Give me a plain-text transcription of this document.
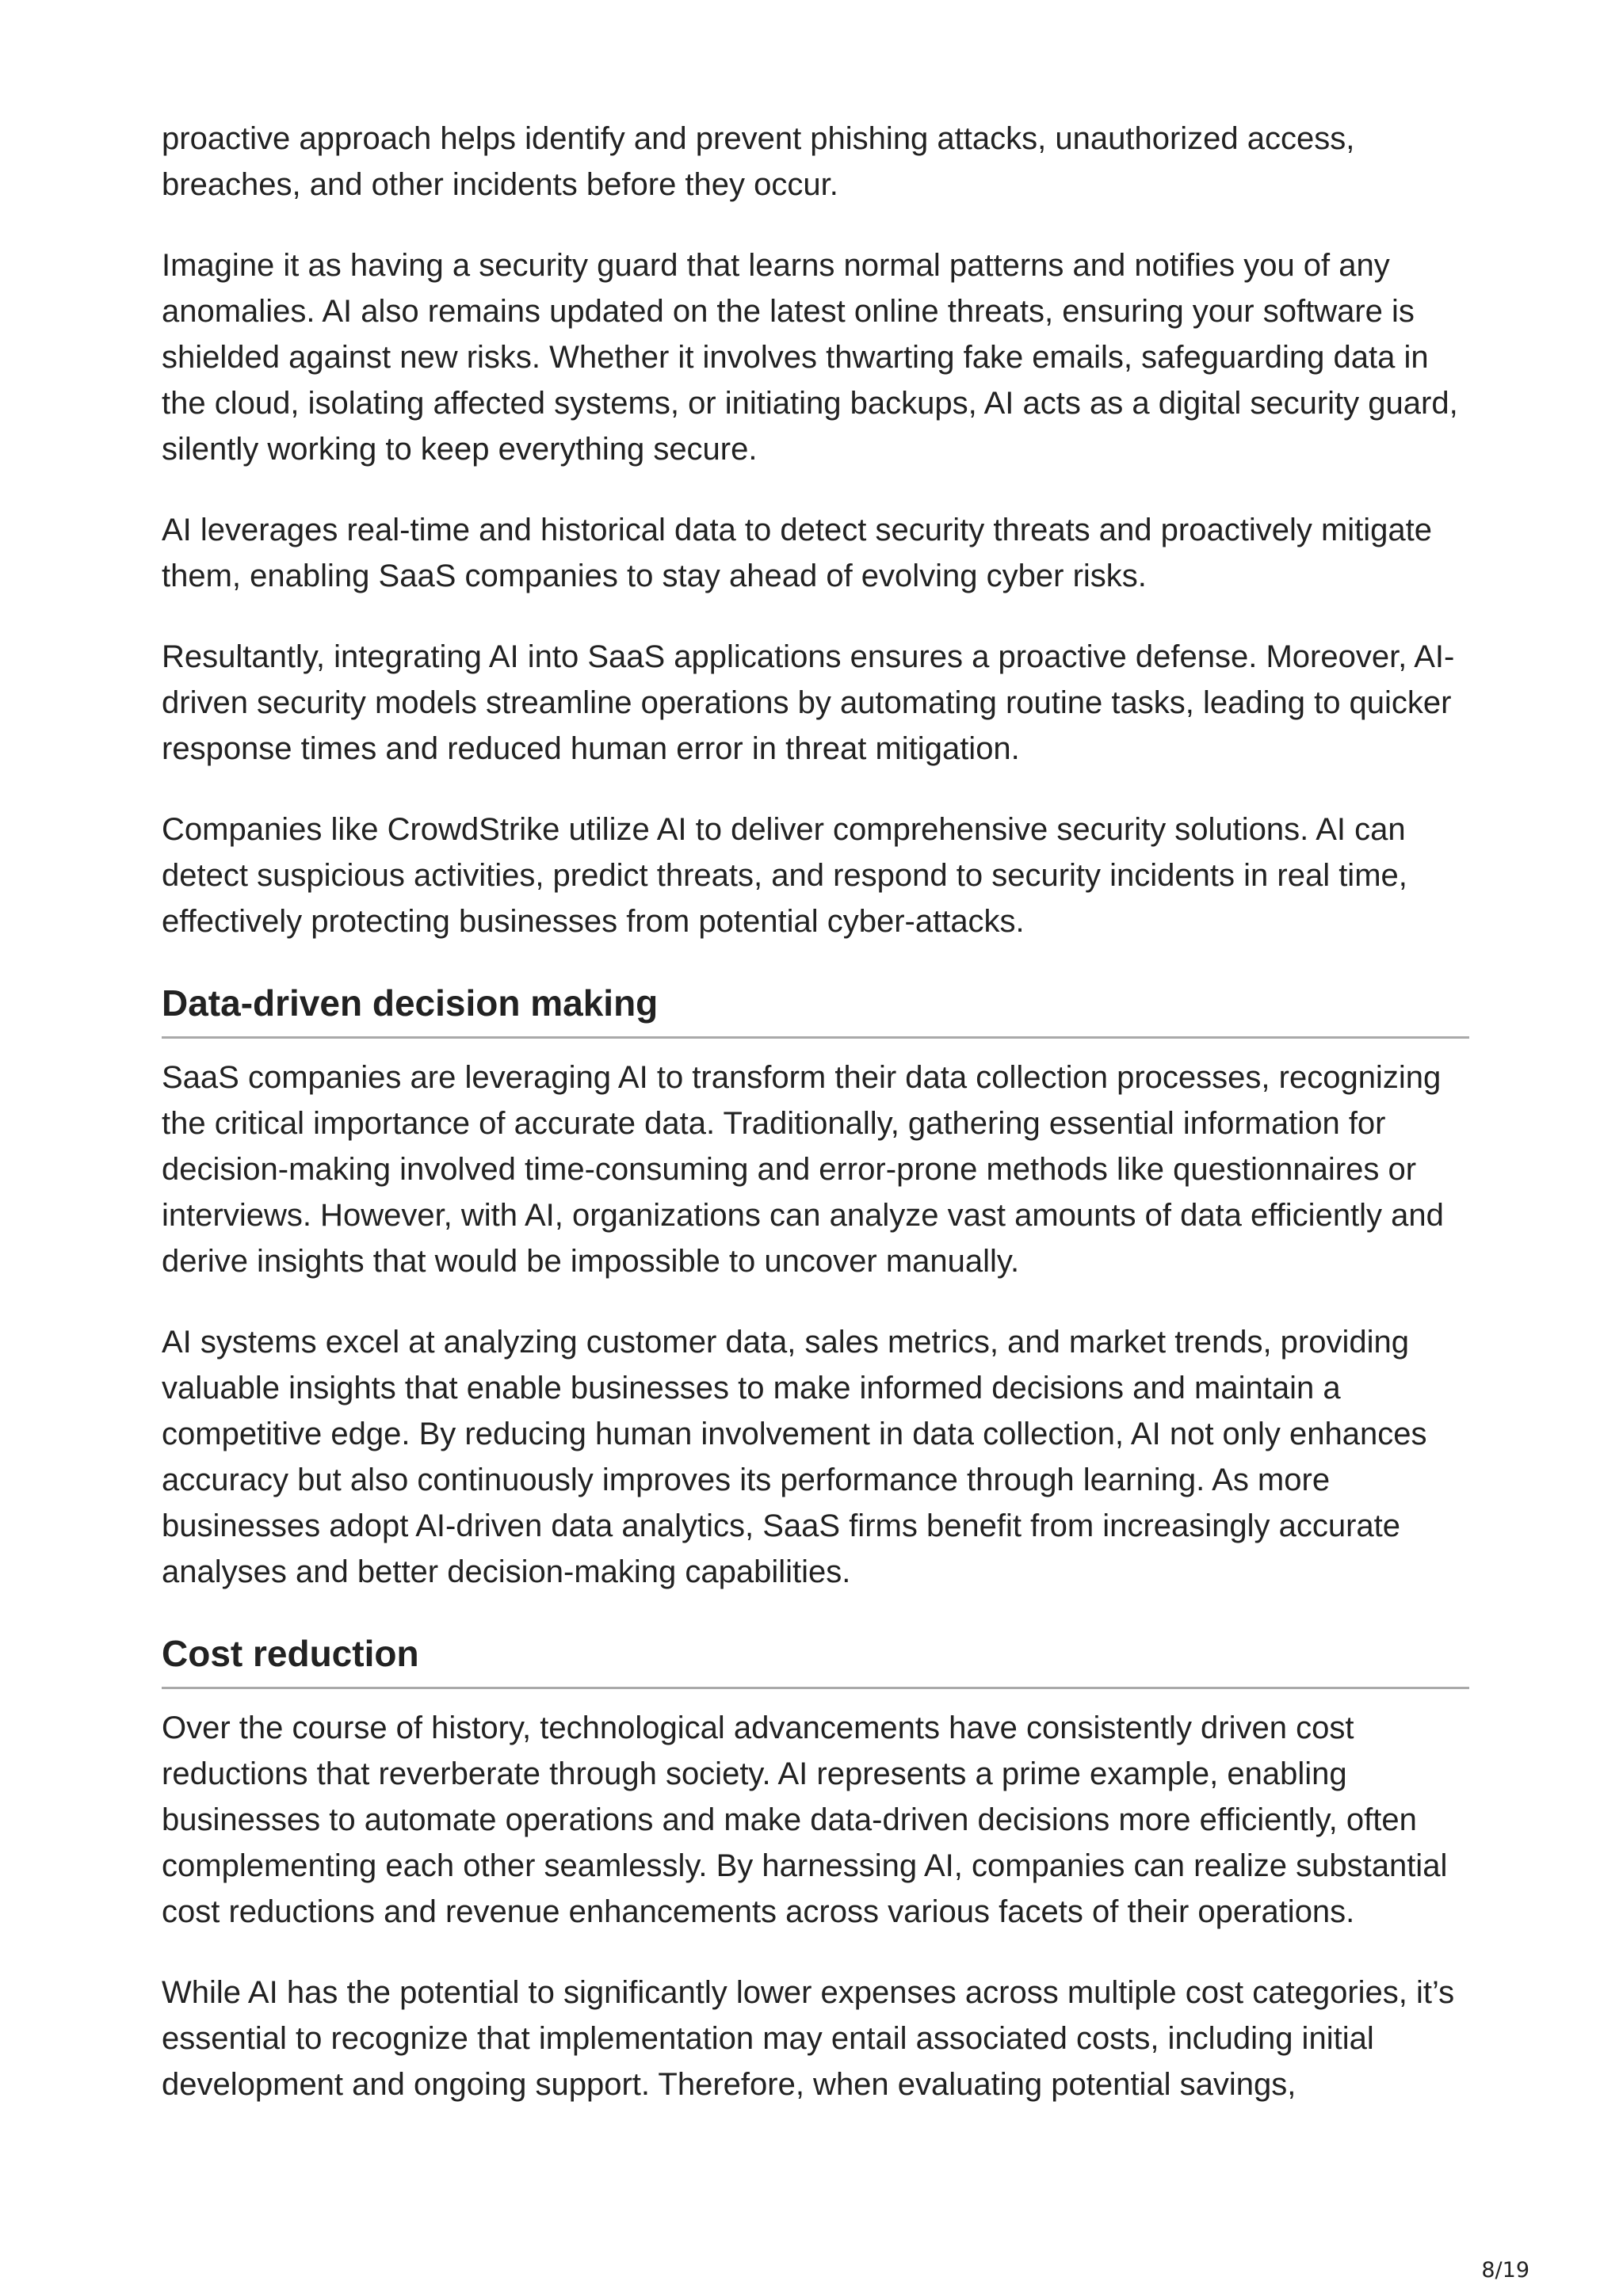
proactive approach helps identify and prevent phishing attacks, unauthorized access, breaches, and other incidents before they occur.

Imagine it as having a security guard that learns normal patterns and notifies you of any anomalies. AI also remains updated on the latest online threats, ensuring your software is shielded against new risks. Whether it involves thwarting fake emails, safeguarding data in the cloud, isolating affected systems, or initiating backups, AI acts as a digital security guard, silently working to keep everything secure.

AI leverages real-time and historical data to detect security threats and proactively mitigate them, enabling SaaS companies to stay ahead of evolving cyber risks.

Resultantly, integrating AI into SaaS applications ensures a proactive defense. Moreover, AI-driven security models streamline operations by automating routine tasks, leading to quicker response times and reduced human error in threat mitigation.

Companies like CrowdStrike utilize AI to deliver comprehensive security solutions. AI can detect suspicious activities, predict threats, and respond to security incidents in real time, effectively protecting businesses from potential cyber-attacks.

Data-driven decision making

SaaS companies are leveraging AI to transform their data collection processes, recognizing the critical importance of accurate data. Traditionally, gathering essential information for decision-making involved time-consuming and error-prone methods like questionnaires or interviews. However, with AI, organizations can analyze vast amounts of data efficiently and derive insights that would be impossible to uncover manually.

AI systems excel at analyzing customer data, sales metrics, and market trends, providing valuable insights that enable businesses to make informed decisions and maintain a competitive edge. By reducing human involvement in data collection, AI not only enhances accuracy but also continuously improves its performance through learning. As more businesses adopt AI-driven data analytics, SaaS firms benefit from increasingly accurate analyses and better decision-making capabilities.

Cost reduction

Over the course of history, technological advancements have consistently driven cost reductions that reverberate through society. AI represents a prime example, enabling businesses to automate operations and make data-driven decisions more efficiently, often complementing each other seamlessly. By harnessing AI, companies can realize substantial cost reductions and revenue enhancements across various facets of their operations.

While AI has the potential to significantly lower expenses across multiple cost categories, it’s essential to recognize that implementation may entail associated costs, including initial development and ongoing support. Therefore, when evaluating potential savings,

8/19
